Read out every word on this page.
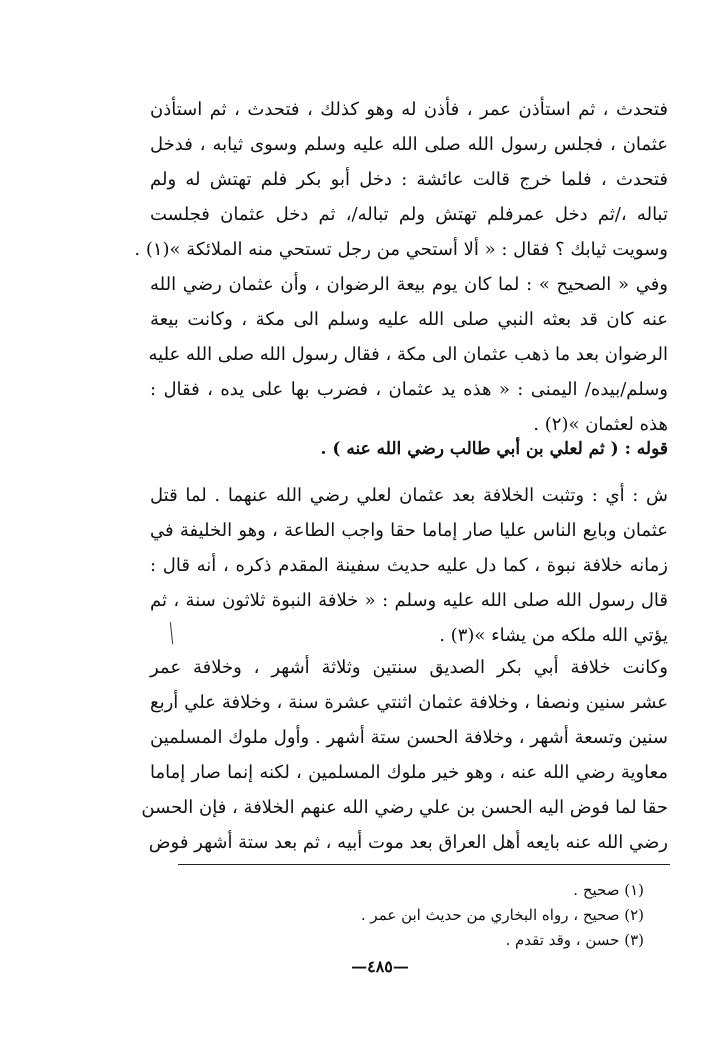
فتحدث ، ثم استأذن عمر ، فأذن له وهو كذلك ، فتحدث ، ثم استأذن
عثمان ، فجلس رسول الله صلى الله عليه وسلم وسوى ثيابه ، فدخل
فتحدث ، فلما خرج قالت عائشة : دخل أبو بكر فلم تهتش له ولم
تباله ،/ثم دخل عمرفلم تهتش ولم تباله/، ثم دخل عثمان فجلست
وسويت ثيابك ؟ فقال : « ألا أستحي من رجل تستحي منه الملائكة »(١) .
وفي « الصحيح » : لما كان يوم بيعة الرضوان ، وأن عثمان رضي الله
عنه كان قد بعثه النبي صلى الله عليه وسلم الى مكة ، وكانت بيعة
الرضوان بعد ما ذهب عثمان الى مكة ، فقال رسول الله صلى الله عليه
وسلم/بيده/ اليمنى : « هذه يد عثمان ، فضرب بها على يده ، فقال :
هذه لعثمان »(٢) .
قوله : ( ثم لعلي بن أبي طالب رضي الله عنه ) .
ش : أي : وتثبت الخلافة بعد عثمان لعلي رضي الله عنهما . لما قتل
عثمان وبايع الناس عليا صار إماما حقا واجب الطاعة ، وهو الخليفة في
زمانه خلافة نبوة ، كما دل عليه حديث سفينة المقدم ذكره ، أنه قال :
قال رسول الله صلى الله عليه وسلم : « خلافة النبوة ثلاثون سنة ، ثم
يؤتي الله ملكه من يشاء »(٣) .
وكانت خلافة أبي بكر الصديق سنتين وثلاثة أشهر ، وخلافة عمر
عشر سنين ونصفا ، وخلافة عثمان اثنتي عشرة سنة ، وخلافة علي أربع
سنين وتسعة أشهر ، وخلافة الحسن ستة أشهر . وأول ملوك المسلمين
معاوية رضي الله عنه ، وهو خير ملوك المسلمين ، لكنه إنما صار إماما
حقا لما فوض اليه الحسن بن علي رضي الله عنهم الخلافة ، فإن الحسن
رضي الله عنه بايعه أهل العراق بعد موت أبيه ، ثم بعد ستة أشهر فوض
(١) صحيح .
(٢) صحيح ، رواه البخاري من حديث ابن عمر .
(٣) حسن ، وقد تقدم .
—٤٨٥—
